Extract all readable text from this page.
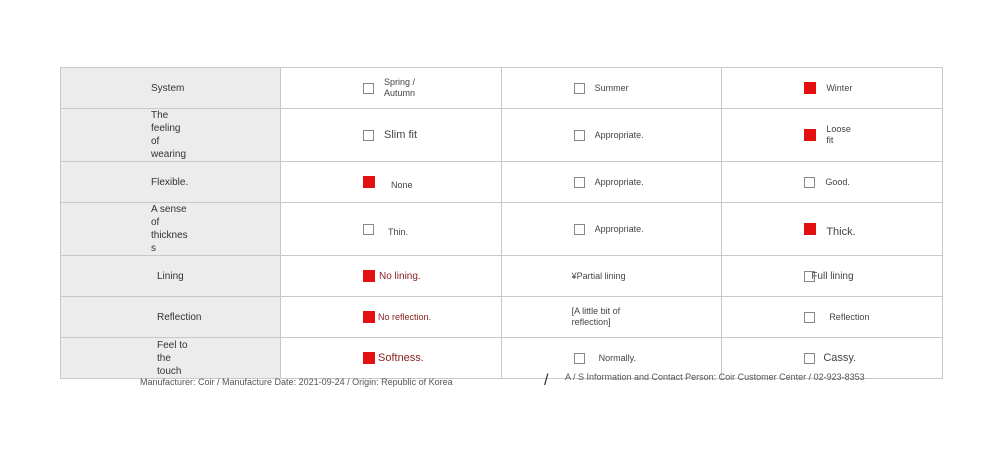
System	Spring / Autumn	Summer	Winter

The feeling of wearing	Slim fit	Appropriate.	Loose fit

Flexible.	None	Appropriate.	Good.

A sense of thickness	Thin.	Appropriate.	Thick.

Lining	No lining.	¥Partial lining	Full lining

Reflection	No reflection.	[A little bit of reflection]	Reflection

Feel to the touch	Softness.	Normally.	Cassy.
Manufacturer: Coir / Manufacture Date: 2021-09-24 / Origin: Republic of Korea	/ A / S Information and Contact Person: Coir Customer Center / 02-923-8353
